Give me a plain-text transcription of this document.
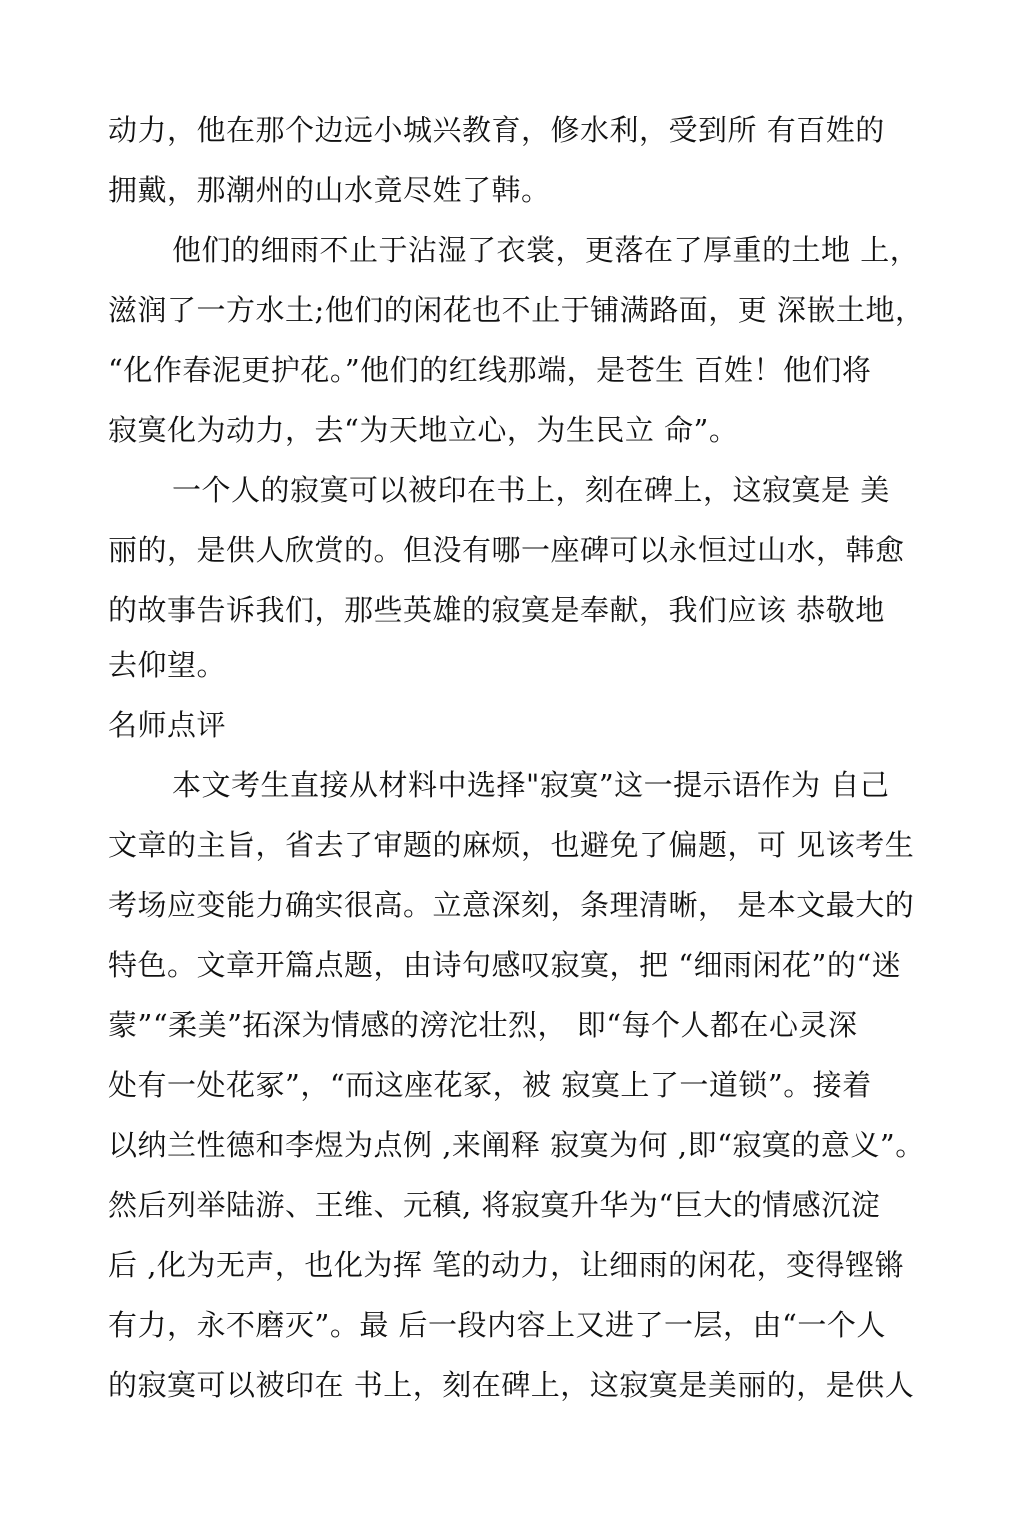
动力，他在那个边远小城兴教育，修水利，受到所 有百姓的
拥戴，那潮州的山水竟尽姓了韩。
他们的细雨不止于沾湿了衣裳，更落在了厚重的土地 上，
滋润了一方水土;他们的闲花也不止于铺满路面，更 深嵌土地，
“化作春泥更护花。”他们的红线那端，是苍生 百姓！他们将
寂寞化为动力，去“为天地立心，为生民立 命”。
一个人的寂寞可以被印在书上，刻在碑上，这寂寞是 美
丽的，是供人欣赏的。但没有哪一座碑可以永恒过山水，韩愈
的故事告诉我们，那些英雄的寂寞是奉献，我们应该 恭敬地
去仰望。
名师点评
本文考生直接从材料中选择"寂寞”这一提示语作为 自己
文章的主旨，省去了审题的麻烦，也避免了偏题，可 见该考生
考场应变能力确实很高。立意深刻，条理清晰， 是本文最大的
特色。文章开篇点题，由诗句感叹寂寞，把 “细雨闲花”的“迷
蒙”“柔美”拓深为情感的滂沱壮烈， 即“每个人都在心灵深
处有一处花冢”，“而这座花冢，被 寂寞上了一道锁”。接着
以纳兰性德和李煜为点例 ,来阐释 寂寞为何 ,即“寂寞的意义”。
然后列举陆游、王维、元稹, 将寂寞升华为“巨大的情感沉淀
后 ,化为无声，也化为挥 笔的动力，让细雨的闲花，变得铿锵
有力，永不磨灭”。最 后一段内容上又进了一层，由“一个人
的寂寞可以被印在 书上，刻在碑上，这寂寞是美丽的，是供人
